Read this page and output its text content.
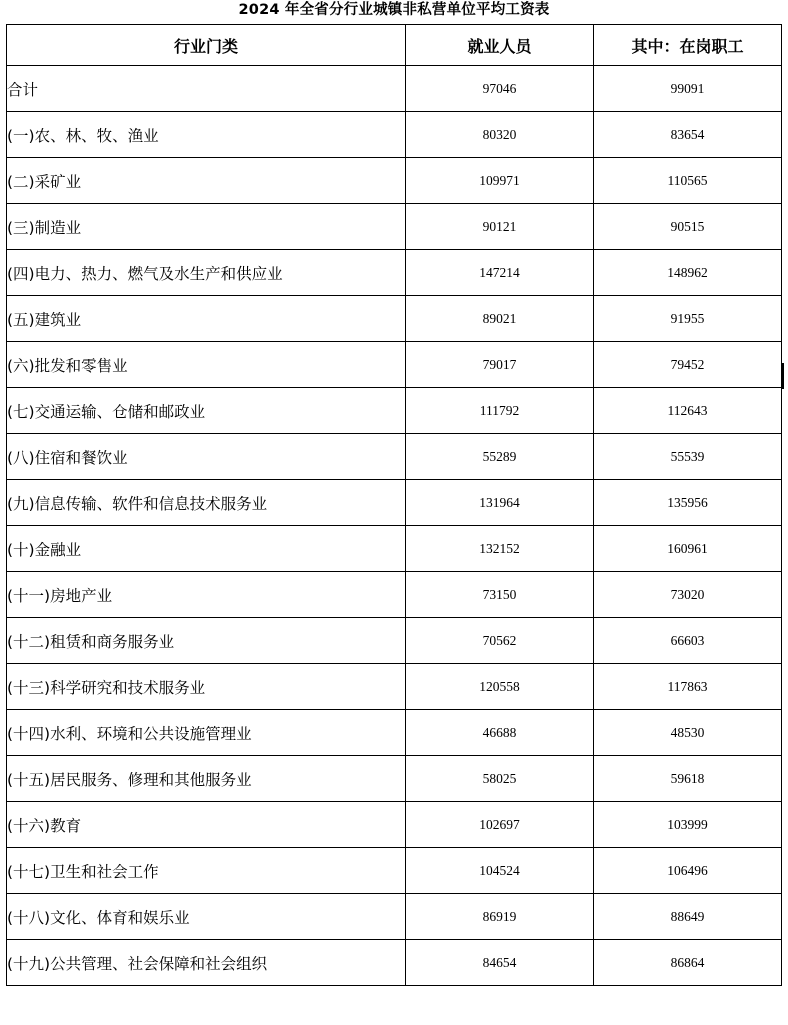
2024 年全省分行业城镇非私营单位平均工资表
行业门类	就业人员	其中：在岗职工
合计	97046	99091
(一)农、林、牧、渔业	80320	83654
(二)采矿业	109971	110565
(三)制造业	90121	90515
(四)电力、热力、燃气及水生产和供应业	147214	148962
(五)建筑业	89021	91955
(六)批发和零售业	79017	79452
(七)交通运输、仓储和邮政业	111792	112643
(八)住宿和餐饮业	55289	55539
(九)信息传输、软件和信息技术服务业	131964	135956
(十)金融业	132152	160961
(十一)房地产业	73150	73020
(十二)租赁和商务服务业	70562	66603
(十三)科学研究和技术服务业	120558	117863
(十四)水利、环境和公共设施管理业	46688	48530
(十五)居民服务、修理和其他服务业	58025	59618
(十六)教育	102697	103999
(十七)卫生和社会工作	104524	106496
(十八)文化、体育和娱乐业	86919	88649
(十九)公共管理、社会保障和社会组织	84654	86864
